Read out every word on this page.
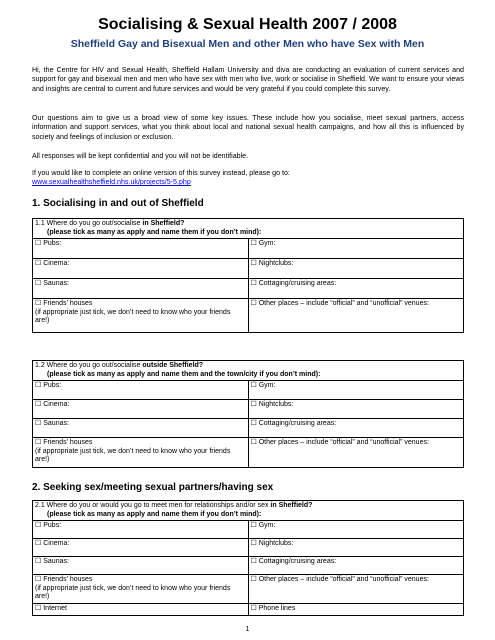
Socialising & Sexual Health 2007 / 2008
Sheffield Gay and Bisexual Men and other Men who have Sex with Men

Hi, the Centre for HIV and Sexual Health, Sheffield Hallam University and diva are conducting an evaluation of current services and support for gay and bisexual men and men who have sex with men who live, work or socialise in Sheffield. We want to ensure your views and insights are central to current and future services and would be very grateful if you could complete this survey.

Our questions aim to give us a broad view of some key issues. These include how you socialise, meet sexual partners, access information and support services, what you think about local and national sexual health campaigns, and how all this is influenced by society and feelings of inclusion or exclusion.

All responses will be kept confidential and you will not be identifiable.

If you would like to complete an online version of this survey instead, please go to:
www.sexualhealthsheffield.nhs.uk/projects/5-5.php

1. Socialising in and out of Sheffield
1.1 Where do you go out/socialise in Sheffield?
(please tick as many as apply and name them if you don’t mind):	

☐ Pubs:	☐ Gym:
☐ Cinema:	☐ Nightclubs:
☐ Saunas:	☐ Cottaging/cruising areas:
☐ Friends’ houses
(if appropriate just tick, we don’t need to know who your friends are!)	☐ Other places – include “official” and “unofficial” venues:
1.2 Where do you go out/socialise outside Sheffield?
(please tick as many as apply and name them and the town/city if you don’t mind):	

☐ Pubs:	☐ Gym:
☐ Cinema:	☐ Nightclubs:
☐ Saunas:	☐ Cottaging/cruising areas:
☐ Friends’ houses
(if appropriate just tick, we don’t need to know who your friends are!)	☐ Other places – include “official” and “unofficial” venues:
2. Seeking sex/meeting sexual partners/having sex
2.1 Where do you or would you go to meet men for relationships and/or sex in Sheffield?
(please tick as many as apply and name them if you don’t mind):	

☐ Pubs:	☐ Gym:
☐ Cinema:	☐ Nightclubs:
☐ Saunas:	☐ Cottaging/cruising areas:
☐ Friends’ houses
(if appropriate just tick, we don’t need to know who your friends are!)	☐ Other places – include “official” and “unofficial” venues:
☐ Internet	☐ Phone lines
1
